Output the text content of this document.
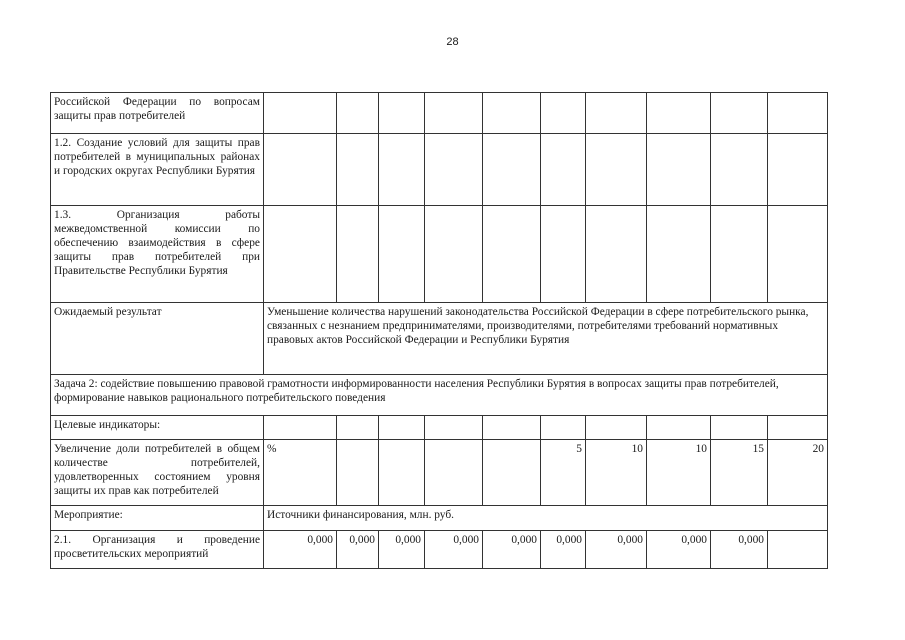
28
Российской Федерации по вопросам защиты прав потребителей										
1.2. Создание условий для защиты прав потребителей в муниципальных районах и городских округах Республики Бурятия										
1.3. Организация работы межведомственной комиссии по обеспечению взаимодействия в сфере защиты прав потребителей при Правительстве Республики Бурятия										
Ожидаемый результат	Уменьшение количества нарушений законодательства Российской Федерации в сфере потребительского рынка, связанных с незнанием предпринимателями, производителями, потребителями требований нормативных правовых актов Российской Федерации и Республики Бурятия									
Задача 2: содействие повышению правовой грамотности информированности населения Республики Бурятия в вопросах защиты прав потребителей, формирование навыков рационального потребительского поведения										
Целевые индикаторы:										
Увеличение доли потребителей в общем количестве потребителей, удовлетворенных состоянием уровня защиты их прав как потребителей	%					5	10	10	15	20
Мероприятие:	Источники финансирования, млн. руб.									
2.1. Организация и проведение просветительских мероприятий	0,000	0,000	0,000	0,000	0,000	0,000	0,000	0,000	0,000	
